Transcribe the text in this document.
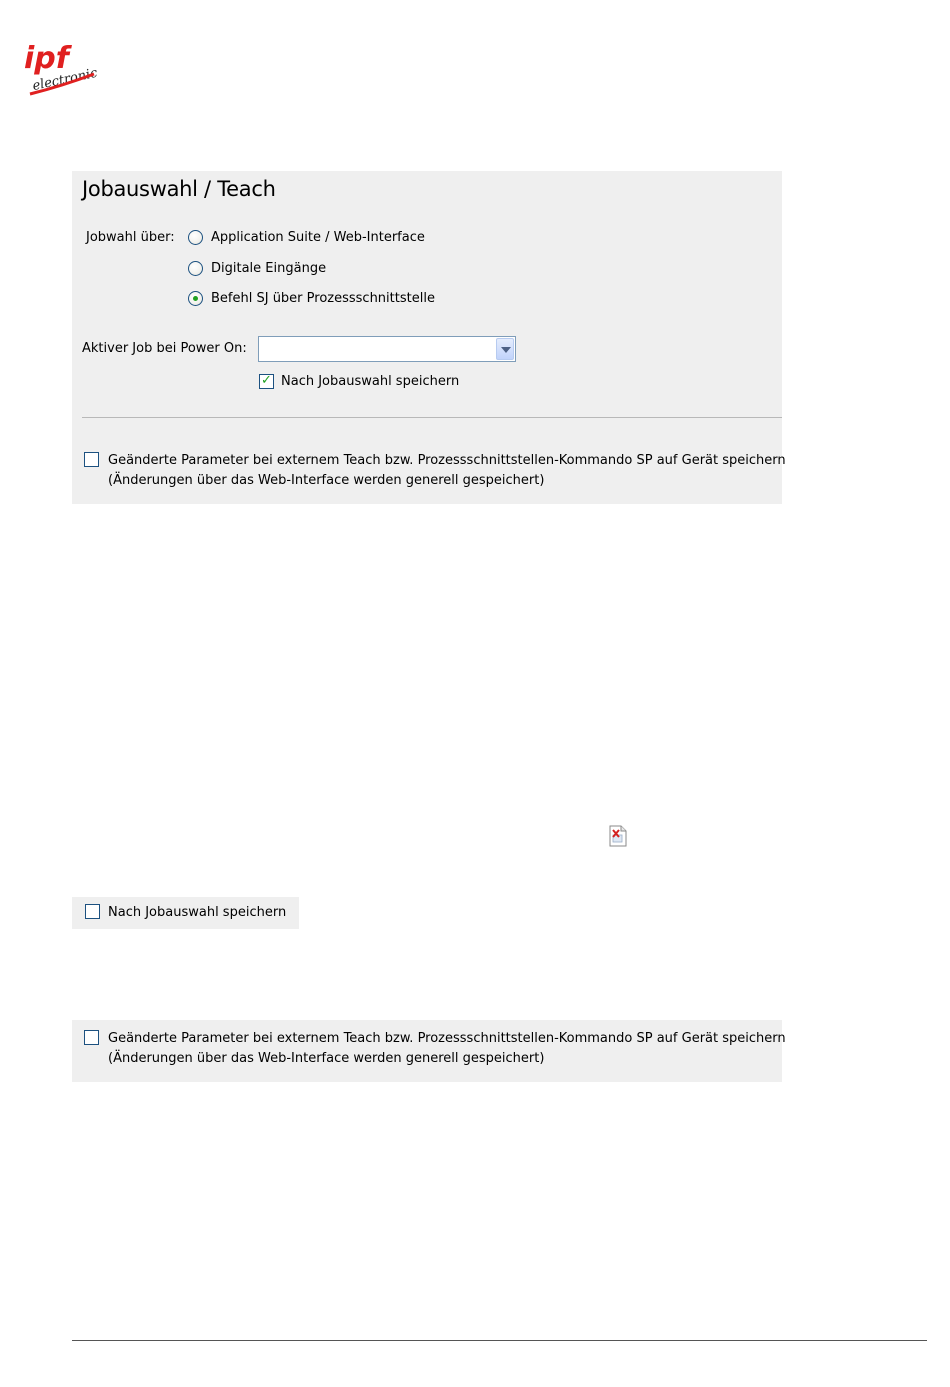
ipf
electronic
Jobauswahl / Teach
Jobwahl über:	Application Suite / Web-Interface
Digitale Eingänge
Befehl SJ über Prozessschnittstelle
Aktiver Job bei Power On:
✓ Nach Jobauswahl speichern
Geänderte Parameter bei externem Teach bzw. Prozessschnittstellen-Kommando SP auf Gerät speichern
(Änderungen über das Web-Interface werden generell gespeichert)
Nach Jobauswahl speichern
Geänderte Parameter bei externem Teach bzw. Prozessschnittstellen-Kommando SP auf Gerät speichern
(Änderungen über das Web-Interface werden generell gespeichert)
